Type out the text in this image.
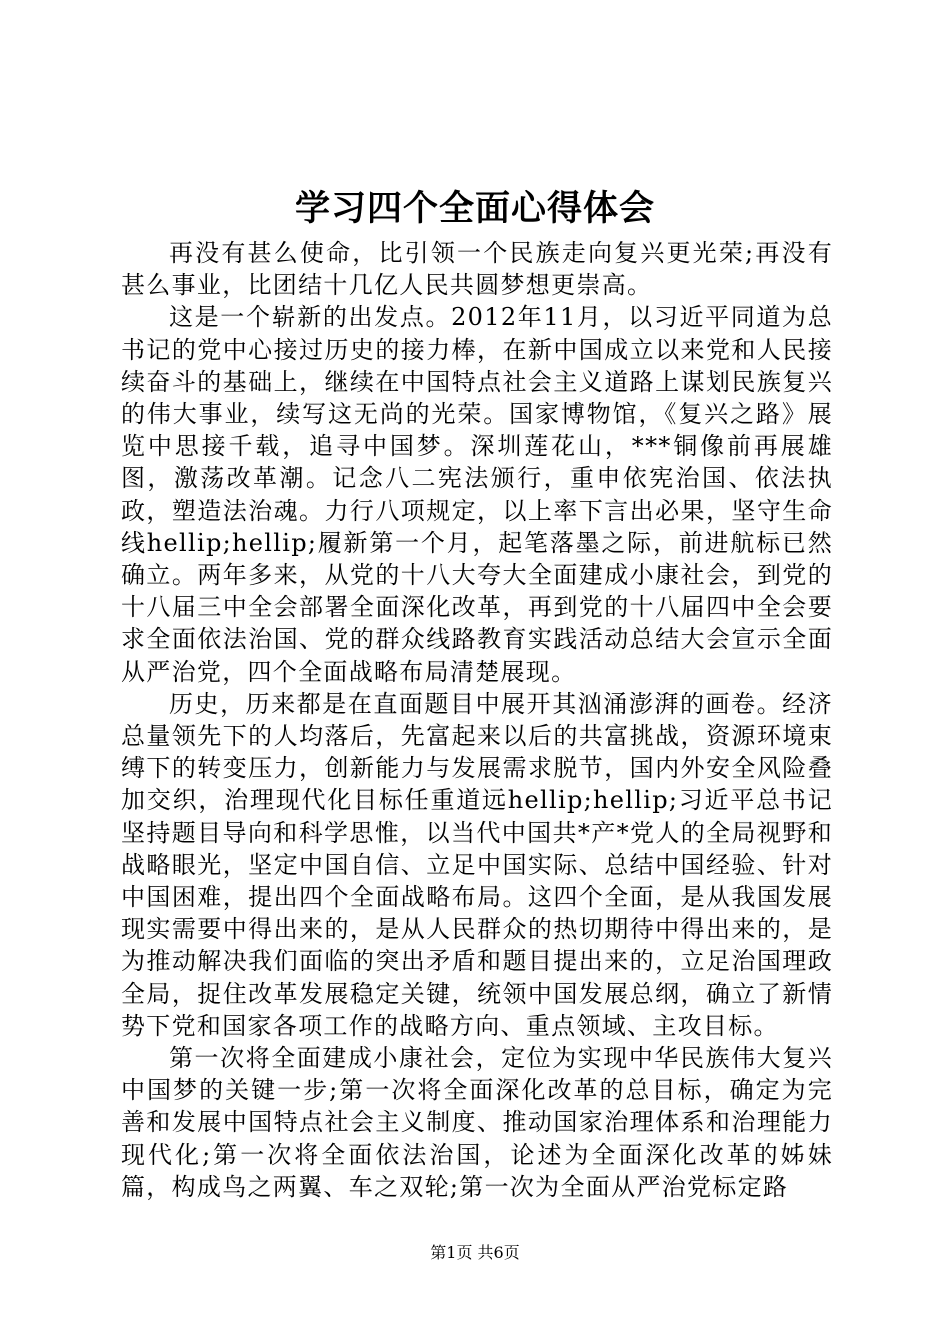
学习四个全面心得体会

再没有甚么使命，比引领一个民族走向复兴更光荣;再没有甚么事业，比团结十几亿人民共圆梦想更崇高。

这是一个崭新的出发点。2012年11月，以习近平同道为总书记的党中心接过历史的接力棒，在新中国成立以来党和人民接续奋斗的基础上，继续在中国特点社会主义道路上谋划民族复兴的伟大事业，续写这无尚的光荣。国家博物馆，《复兴之路》展览中思接千载，追寻中国梦。深圳莲花山，***铜像前再展雄图，激荡改革潮。记念八二宪法颁行，重申依宪治国、依法执政，塑造法治魂。力行八项规定，以上率下言出必果，坚守生命线hellip;hellip;履新第一个月，起笔落墨之际，前进航标已然确立。两年多来，从党的十八大夸大全面建成小康社会，到党的十八届三中全会部署全面深化改革，再到党的十八届四中全会要求全面依法治国、党的群众线路教育实践活动总结大会宣示全面从严治党，四个全面战略布局清楚展现。

历史，历来都是在直面题目中展开其汹涌澎湃的画卷。经济总量领先下的人均落后，先富起来以后的共富挑战，资源环境束缚下的转变压力，创新能力与发展需求脱节，国内外安全风险叠加交织，治理现代化目标任重道远hellip;hellip;习近平总书记坚持题目导向和科学思惟，以当代中国共*产*党人的全局视野和战略眼光，坚定中国自信、立足中国实际、总结中国经验、针对中国困难，提出四个全面战略布局。这四个全面，是从我国发展现实需要中得出来的，是从人民群众的热切期待中得出来的，是为推动解决我们面临的突出矛盾和题目提出来的，立足治国理政全局，捉住改革发展稳定关键，统领中国发展总纲，确立了新情势下党和国家各项工作的战略方向、重点领域、主攻目标。

第一次将全面建成小康社会，定位为实现中华民族伟大复兴中国梦的关键一步;第一次将全面深化改革的总目标，确定为完善和发展中国特点社会主义制度、推动国家治理体系和治理能力现代化;第一次将全面依法治国，论述为全面深化改革的姊妹篇，构成鸟之两翼、车之双轮;第一次为全面从严治党标定路

第1页 共6页
